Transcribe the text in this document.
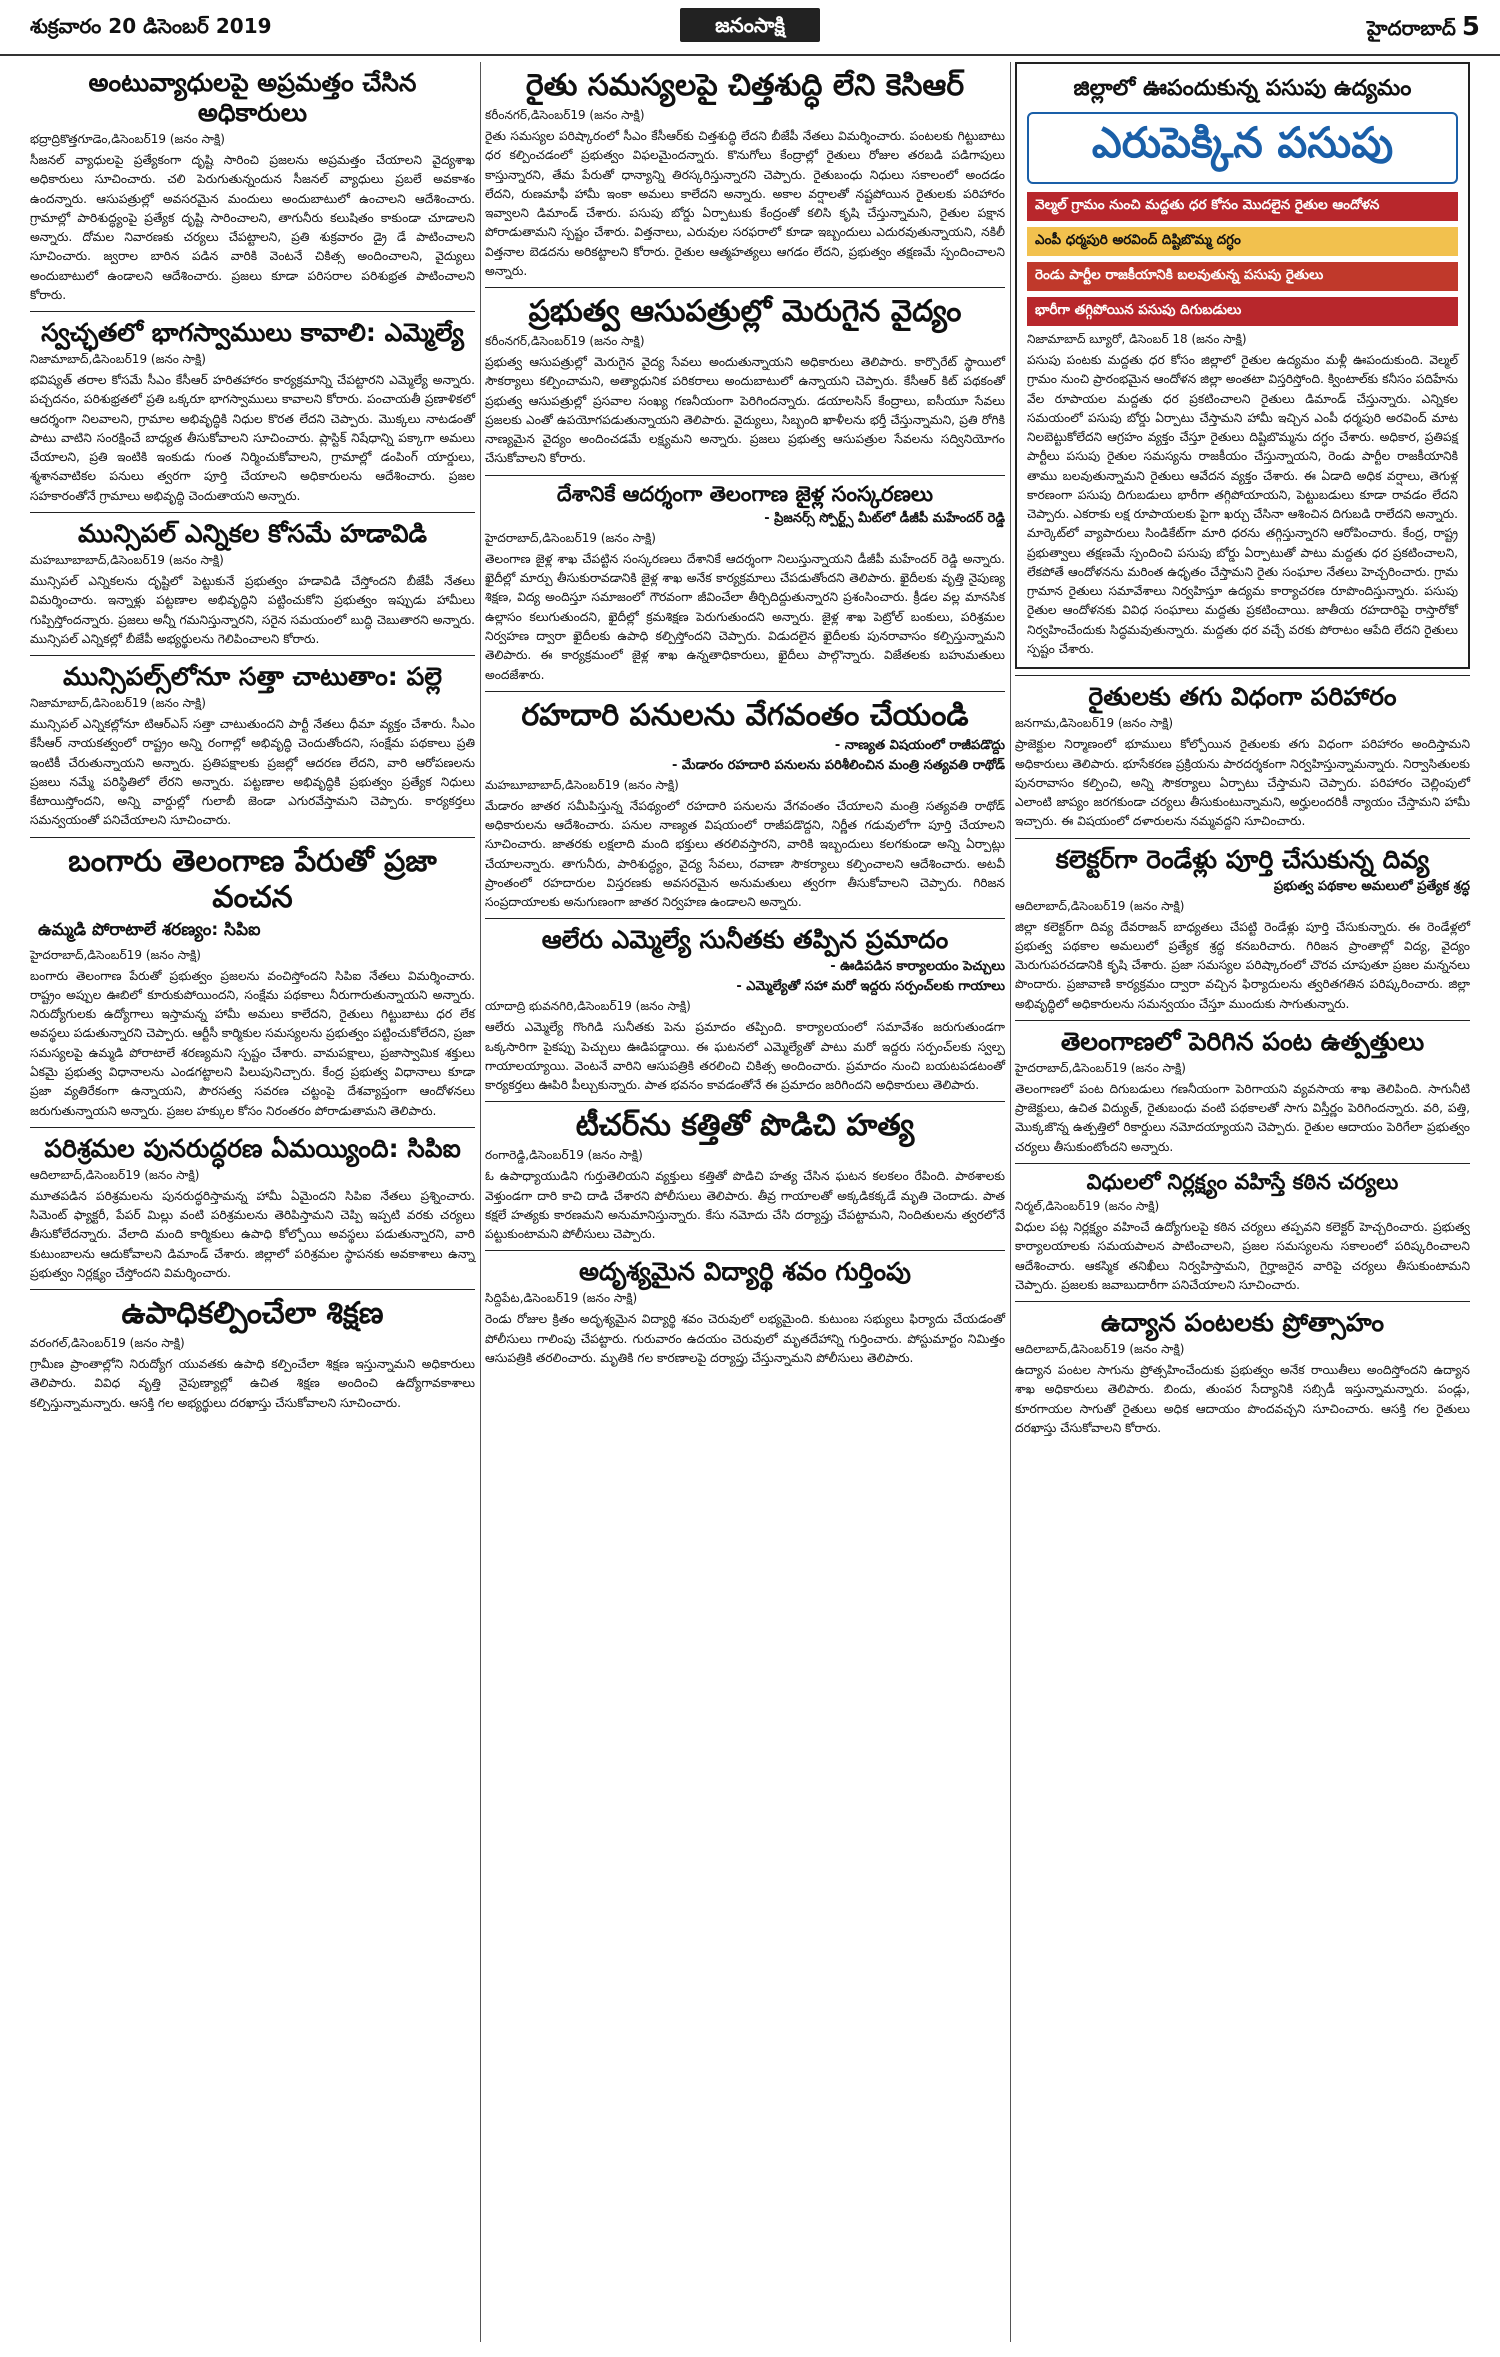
శుక్రవారం 20 డిసెంబర్ 2019	జనంసాక్షి	హైదరాబాద్ 5
అంటువ్యాధులపై అప్రమత్తం చేసిన అధికారులు
భద్రాద్రికొత్తగూడెం,డిసెంబర్19 (జనం సాక్షి)

సీజనల్ వ్యాధులపై ప్రత్యేకంగా దృష్టి సారించి ప్రజలను అప్రమత్తం చేయాలని వైద్యశాఖ అధికారులు సూచించారు. చలి పెరుగుతున్నందున సీజనల్ వ్యాధులు ప్రబలే అవకాశం ఉందన్నారు. ఆసుపత్రుల్లో అవసరమైన మందులు అందుబాటులో ఉంచాలని ఆదేశించారు. గ్రామాల్లో పారిశుద్ధ్యంపై ప్రత్యేక దృష్టి సారించాలని, తాగునీరు కలుషితం కాకుండా చూడాలని అన్నారు. దోమల నివారణకు చర్యలు చేపట్టాలని, ప్రతి శుక్రవారం డ్రై డే పాటించాలని సూచించారు. జ్వరాల బారిన పడిన వారికి వెంటనే చికిత్స అందించాలని, వైద్యులు అందుబాటులో ఉండాలని ఆదేశించారు. ప్రజలు కూడా పరిసరాల పరిశుభ్రత పాటించాలని కోరారు.

స్వచ్ఛతలో భాగస్వాములు కావాలి: ఎమ్మెల్యే
నిజామాబాద్,డిసెంబర్19 (జనం సాక్షి)

భవిష్యత్ తరాల కోసమే సీఎం కేసీఆర్ హరితహారం కార్యక్రమాన్ని చేపట్టారని ఎమ్మెల్యే అన్నారు. పచ్చదనం, పరిశుభ్రతలో ప్రతి ఒక్కరూ భాగస్వాములు కావాలని కోరారు. పంచాయతీ ప్రణాళికలో ఆదర్శంగా నిలవాలని, గ్రామాల అభివృద్ధికి నిధుల కొరత లేదని చెప్పారు. మొక్కలు నాటడంతో పాటు వాటిని సంరక్షించే బాధ్యత తీసుకోవాలని సూచించారు. ప్లాస్టిక్ నిషేధాన్ని పక్కాగా అమలు చేయాలని, ప్రతి ఇంటికి ఇంకుడు గుంత నిర్మించుకోవాలని, గ్రామాల్లో డంపింగ్ యార్డులు, శ్మశానవాటికల పనులు త్వరగా పూర్తి చేయాలని అధికారులను ఆదేశించారు. ప్రజల సహకారంతోనే గ్రామాలు అభివృద్ధి చెందుతాయని అన్నారు.

మున్సిపల్ ఎన్నికల కోసమే హడావిడి
మహబూబాబాద్,డిసెంబర్19 (జనం సాక్షి)

మున్సిపల్ ఎన్నికలను దృష్టిలో పెట్టుకునే ప్రభుత్వం హడావిడి చేస్తోందని బీజేపీ నేతలు విమర్శించారు. ఇన్నాళ్లు పట్టణాల అభివృద్ధిని పట్టించుకోని ప్రభుత్వం ఇప్పుడు హామీలు గుప్పిస్తోందన్నారు. ప్రజలు అన్నీ గమనిస్తున్నారని, సరైన సమయంలో బుద్ధి చెబుతారని అన్నారు. మున్సిపల్ ఎన్నికల్లో బీజేపీ అభ్యర్థులను గెలిపించాలని కోరారు.

మున్సిపల్స్‌లోనూ సత్తా చాటుతాం: పల్లె
నిజామాబాద్,డిసెంబర్19 (జనం సాక్షి)

మున్సిపల్ ఎన్నికల్లోనూ టిఆర్ఎస్ సత్తా చాటుతుందని పార్టీ నేతలు ధీమా వ్యక్తం చేశారు. సీఎం కేసీఆర్ నాయకత్వంలో రాష్ట్రం అన్ని రంగాల్లో అభివృద్ధి చెందుతోందని, సంక్షేమ పథకాలు ప్రతి ఇంటికీ చేరుతున్నాయని అన్నారు. ప్రతిపక్షాలకు ప్రజల్లో ఆదరణ లేదని, వారి ఆరోపణలను ప్రజలు నమ్మే పరిస్థితిలో లేరని అన్నారు. పట్టణాల అభివృద్ధికి ప్రభుత్వం ప్రత్యేక నిధులు కేటాయిస్తోందని, అన్ని వార్డుల్లో గులాబీ జెండా ఎగురవేస్తామని చెప్పారు. కార్యకర్తలు సమన్వయంతో పనిచేయాలని సూచించారు.

బంగారు తెలంగాణ పేరుతో ప్రజా వంచన
ఉమ్మడి పోరాటాలే శరణ్యం: సిపిఐ
హైదరాబాద్,డిసెంబర్19 (జనం సాక్షి)

బంగారు తెలంగాణ పేరుతో ప్రభుత్వం ప్రజలను వంచిస్తోందని సిపిఐ నేతలు విమర్శించారు. రాష్ట్రం అప్పుల ఊబిలో కూరుకుపోయిందని, సంక్షేమ పథకాలు నీరుగారుతున్నాయని అన్నారు. నిరుద్యోగులకు ఉద్యోగాలు ఇస్తామన్న హామీ అమలు కాలేదని, రైతులు గిట్టుబాటు ధర లేక అవస్థలు పడుతున్నారని చెప్పారు. ఆర్టీసీ కార్మికుల సమస్యలను ప్రభుత్వం పట్టించుకోలేదని, ప్రజా సమస్యలపై ఉమ్మడి పోరాటాలే శరణ్యమని స్పష్టం చేశారు. వామపక్షాలు, ప్రజాస్వామిక శక్తులు ఏకమై ప్రభుత్వ విధానాలను ఎండగట్టాలని పిలుపునిచ్చారు. కేంద్ర ప్రభుత్వ విధానాలు కూడా ప్రజా వ్యతిరేకంగా ఉన్నాయని, పౌరసత్వ సవరణ చట్టంపై దేశవ్యాప్తంగా ఆందోళనలు జరుగుతున్నాయని అన్నారు. ప్రజల హక్కుల కోసం నిరంతరం పోరాడుతామని తెలిపారు.

పరిశ్రమల పునరుద్ధరణ ఏమయ్యింది: సిపిఐ
ఆదిలాబాద్,డిసెంబర్19 (జనం సాక్షి)

మూతపడిన పరిశ్రమలను పునరుద్ధరిస్తామన్న హామీ ఏమైందని సిపిఐ నేతలు ప్రశ్నించారు. సిమెంట్ ఫ్యాక్టరీ, పేపర్ మిల్లు వంటి పరిశ్రమలను తెరిపిస్తామని చెప్పి ఇప్పటి వరకు చర్యలు తీసుకోలేదన్నారు. వేలాది మంది కార్మికులు ఉపాధి కోల్పోయి అవస్థలు పడుతున్నారని, వారి కుటుంబాలను ఆదుకోవాలని డిమాండ్ చేశారు. జిల్లాలో పరిశ్రమల స్థాపనకు అవకాశాలు ఉన్నా ప్రభుత్వం నిర్లక్ష్యం చేస్తోందని విమర్శించారు.

ఉపాధికల్పించేలా శిక్షణ
వరంగల్,డిసెంబర్19 (జనం సాక్షి)

గ్రామీణ ప్రాంతాల్లోని నిరుద్యోగ యువతకు ఉపాధి కల్పించేలా శిక్షణ ఇస్తున్నామని అధికారులు తెలిపారు. వివిధ వృత్తి నైపుణ్యాల్లో ఉచిత శిక్షణ అందించి ఉద్యోగావకాశాలు కల్పిస్తున్నామన్నారు. ఆసక్తి గల అభ్యర్థులు దరఖాస్తు చేసుకోవాలని సూచించారు.

రైతు సమస్యలపై చిత్తశుద్ధి లేని కెసిఆర్
కరీంనగర్,డిసెంబర్19 (జనం సాక్షి)

రైతు సమస్యల పరిష్కారంలో సీఎం కేసీఆర్‌కు చిత్తశుద్ధి లేదని బీజేపీ నేతలు విమర్శించారు. పంటలకు గిట్టుబాటు ధర కల్పించడంలో ప్రభుత్వం విఫలమైందన్నారు. కొనుగోలు కేంద్రాల్లో రైతులు రోజుల తరబడి పడిగాపులు కాస్తున్నారని, తేమ పేరుతో ధాన్యాన్ని తిరస్కరిస్తున్నారని చెప్పారు. రైతుబంధు నిధులు సకాలంలో అందడం లేదని, రుణమాఫీ హామీ ఇంకా అమలు కాలేదని అన్నారు. అకాల వర్షాలతో నష్టపోయిన రైతులకు పరిహారం ఇవ్వాలని డిమాండ్ చేశారు. పసుపు బోర్డు ఏర్పాటుకు కేంద్రంతో కలిసి కృషి చేస్తున్నామని, రైతుల పక్షాన పోరాడుతామని స్పష్టం చేశారు. విత్తనాలు, ఎరువుల సరఫరాలో కూడా ఇబ్బందులు ఎదురవుతున్నాయని, నకిలీ విత్తనాల బెడదను అరికట్టాలని కోరారు. రైతుల ఆత్మహత్యలు ఆగడం లేదని, ప్రభుత్వం తక్షణమే స్పందించాలని అన్నారు.

ప్రభుత్వ ఆసుపత్రుల్లో మెరుగైన వైద్యం
కరీంనగర్,డిసెంబర్19 (జనం సాక్షి)

ప్రభుత్వ ఆసుపత్రుల్లో మెరుగైన వైద్య సేవలు అందుతున్నాయని అధికారులు తెలిపారు. కార్పొరేట్ స్థాయిలో సౌకర్యాలు కల్పించామని, అత్యాధునిక పరికరాలు అందుబాటులో ఉన్నాయని చెప్పారు. కేసీఆర్ కిట్ పథకంతో ప్రభుత్వ ఆసుపత్రుల్లో ప్రసవాల సంఖ్య గణనీయంగా పెరిగిందన్నారు. డయాలసిస్ కేంద్రాలు, ఐసీయూ సేవలు ప్రజలకు ఎంతో ఉపయోగపడుతున్నాయని తెలిపారు. వైద్యులు, సిబ్బంది ఖాళీలను భర్తీ చేస్తున్నామని, ప్రతి రోగికి నాణ్యమైన వైద్యం అందించడమే లక్ష్యమని అన్నారు. ప్రజలు ప్రభుత్వ ఆసుపత్రుల సేవలను సద్వినియోగం చేసుకోవాలని కోరారు.

దేశానికే ఆదర్శంగా తెలంగాణ జైళ్ల సంస్కరణలు
- ప్రిజనర్స్ స్పోర్ట్స్ మీట్‌లో డీజీపీ మహేందర్ రెడ్డి
హైదరాబాద్,డిసెంబర్19 (జనం సాక్షి)

తెలంగాణ జైళ్ల శాఖ చేపట్టిన సంస్కరణలు దేశానికే ఆదర్శంగా నిలుస్తున్నాయని డీజీపీ మహేందర్ రెడ్డి అన్నారు. ఖైదీల్లో మార్పు తీసుకురావడానికి జైళ్ల శాఖ అనేక కార్యక్రమాలు చేపడుతోందని తెలిపారు. ఖైదీలకు వృత్తి నైపుణ్య శిక్షణ, విద్య అందిస్తూ సమాజంలో గౌరవంగా జీవించేలా తీర్చిదిద్దుతున్నారని ప్రశంసించారు. క్రీడల వల్ల మానసిక ఉల్లాసం కలుగుతుందని, ఖైదీల్లో క్రమశిక్షణ పెరుగుతుందని అన్నారు. జైళ్ల శాఖ పెట్రోల్ బంకులు, పరిశ్రమల నిర్వహణ ద్వారా ఖైదీలకు ఉపాధి కల్పిస్తోందని చెప్పారు. విడుదలైన ఖైదీలకు పునరావాసం కల్పిస్తున్నామని తెలిపారు. ఈ కార్యక్రమంలో జైళ్ల శాఖ ఉన్నతాధికారులు, ఖైదీలు పాల్గొన్నారు. విజేతలకు బహుమతులు అందజేశారు.

రహదారి పనులను వేగవంతం చేయండి
- నాణ్యత విషయంలో రాజీపడొద్దు
- మేడారం రహదారి పనులను పరిశీలించిన మంత్రి సత్యవతి రాథోడ్
మహబూబాబాద్,డిసెంబర్19 (జనం సాక్షి)

మేడారం జాతర సమీపిస్తున్న నేపథ్యంలో రహదారి పనులను వేగవంతం చేయాలని మంత్రి సత్యవతి రాథోడ్ అధికారులను ఆదేశించారు. పనుల నాణ్యత విషయంలో రాజీపడొద్దని, నిర్ణీత గడువులోగా పూర్తి చేయాలని సూచించారు. జాతరకు లక్షలాది మంది భక్తులు తరలివస్తారని, వారికి ఇబ్బందులు కలగకుండా అన్ని ఏర్పాట్లు చేయాలన్నారు. తాగునీరు, పారిశుద్ధ్యం, వైద్య సేవలు, రవాణా సౌకర్యాలు కల్పించాలని ఆదేశించారు. అటవీ ప్రాంతంలో రహదారుల విస్తరణకు అవసరమైన అనుమతులు త్వరగా తీసుకోవాలని చెప్పారు. గిరిజన సంప్రదాయాలకు అనుగుణంగా జాతర నిర్వహణ ఉండాలని అన్నారు.

ఆలేరు ఎమ్మెల్యే సునీతకు తప్పిన ప్రమాదం
- ఊడిపడిన కార్యాలయం పెచ్చులు
- ఎమ్మెల్యేతో సహా మరో ఇద్దరు సర్పంచ్‌లకు గాయాలు
యాదాద్రి భువనగిరి,డిసెంబర్19 (జనం సాక్షి)

ఆలేరు ఎమ్మెల్యే గొంగిడి సునీతకు పెను ప్రమాదం తప్పింది. కార్యాలయంలో సమావేశం జరుగుతుండగా ఒక్కసారిగా పైకప్పు పెచ్చులు ఊడిపడ్డాయి. ఈ ఘటనలో ఎమ్మెల్యేతో పాటు మరో ఇద్దరు సర్పంచ్‌లకు స్వల్ప గాయాలయ్యాయి. వెంటనే వారిని ఆసుపత్రికి తరలించి చికిత్స అందించారు. ప్రమాదం నుంచి బయటపడటంతో కార్యకర్తలు ఊపిరి పీల్చుకున్నారు. పాత భవనం కావడంతోనే ఈ ప్రమాదం జరిగిందని అధికారులు తెలిపారు.

టీచర్‌ను కత్తితో పొడిచి హత్య
రంగారెడ్డి,డిసెంబర్19 (జనం సాక్షి)

ఓ ఉపాధ్యాయుడిని గుర్తుతెలియని వ్యక్తులు కత్తితో పొడిచి హత్య చేసిన ఘటన కలకలం రేపింది. పాఠశాలకు వెళ్తుండగా దారి కాచి దాడి చేశారని పోలీసులు తెలిపారు. తీవ్ర గాయాలతో అక్కడికక్కడే మృతి చెందాడు. పాత కక్షలే హత్యకు కారణమని అనుమానిస్తున్నారు. కేసు నమోదు చేసి దర్యాప్తు చేపట్టామని, నిందితులను త్వరలోనే పట్టుకుంటామని పోలీసులు చెప్పారు.

అదృశ్యమైన విద్యార్థి శవం గుర్తింపు
సిద్దిపేట,డిసెంబర్19 (జనం సాక్షి)

రెండు రోజుల క్రితం అదృశ్యమైన విద్యార్థి శవం చెరువులో లభ్యమైంది. కుటుంబ సభ్యులు ఫిర్యాదు చేయడంతో పోలీసులు గాలింపు చేపట్టారు. గురువారం ఉదయం చెరువులో మృతదేహాన్ని గుర్తించారు. పోస్టుమార్టం నిమిత్తం ఆసుపత్రికి తరలించారు. మృతికి గల కారణాలపై దర్యాప్తు చేస్తున్నామని పోలీసులు తెలిపారు.

జిల్లాలో ఊపందుకున్న పసుపు ఉద్యమం
ఎరుపెక్కిన పసుపు
వెల్మల్ గ్రామం నుంచి మద్దతు ధర కోసం మొదలైన రైతుల ఆందోళన
ఎంపీ ధర్మపురి అరవింద్ దిష్టిబొమ్మ దగ్ధం
రెండు పార్టీల రాజకీయానికి బలవుతున్న పసుపు రైతులు
భారీగా తగ్గిపోయిన పసుపు దిగుబడులు
నిజామాబాద్ బ్యూరో, డిసెంబర్ 18 (జనం సాక్షి)

పసుపు పంటకు మద్దతు ధర కోసం జిల్లాలో రైతుల ఉద్యమం మళ్లీ ఊపందుకుంది. వెల్మల్ గ్రామం నుంచి ప్రారంభమైన ఆందోళన జిల్లా అంతటా విస్తరిస్తోంది. క్వింటాల్‌కు కనీసం పదిహేను వేల రూపాయల మద్దతు ధర ప్రకటించాలని రైతులు డిమాండ్ చేస్తున్నారు. ఎన్నికల సమయంలో పసుపు బోర్డు ఏర్పాటు చేస్తామని హామీ ఇచ్చిన ఎంపీ ధర్మపురి అరవింద్ మాట నిలబెట్టుకోలేదని ఆగ్రహం వ్యక్తం చేస్తూ రైతులు దిష్టిబొమ్మను దగ్ధం చేశారు. అధికార, ప్రతిపక్ష పార్టీలు పసుపు రైతుల సమస్యను రాజకీయం చేస్తున్నాయని, రెండు పార్టీల రాజకీయానికి తాము బలవుతున్నామని రైతులు ఆవేదన వ్యక్తం చేశారు. ఈ ఏడాది అధిక వర్షాలు, తెగుళ్ల కారణంగా పసుపు దిగుబడులు భారీగా తగ్గిపోయాయని, పెట్టుబడులు కూడా రావడం లేదని చెప్పారు. ఎకరాకు లక్ష రూపాయలకు పైగా ఖర్చు చేసినా ఆశించిన దిగుబడి రాలేదని అన్నారు. మార్కెట్‌లో వ్యాపారులు సిండికేట్‌గా మారి ధరను తగ్గిస్తున్నారని ఆరోపించారు. కేంద్ర, రాష్ట్ర ప్రభుత్వాలు తక్షణమే స్పందించి పసుపు బోర్డు ఏర్పాటుతో పాటు మద్దతు ధర ప్రకటించాలని, లేకపోతే ఆందోళనను మరింత ఉధృతం చేస్తామని రైతు సంఘాల నేతలు హెచ్చరించారు. గ్రామ గ్రామాన రైతులు సమావేశాలు నిర్వహిస్తూ ఉద్యమ కార్యాచరణ రూపొందిస్తున్నారు. పసుపు రైతుల ఆందోళనకు వివిధ సంఘాలు మద్దతు ప్రకటించాయి. జాతీయ రహదారిపై రాస్తారోకో నిర్వహించేందుకు సిద్ధమవుతున్నారు. మద్దతు ధర వచ్చే వరకు పోరాటం ఆపేది లేదని రైతులు స్పష్టం చేశారు.

రైతులకు తగు విధంగా పరిహారం
జనగామ,డిసెంబర్19 (జనం సాక్షి)

ప్రాజెక్టుల నిర్మాణంలో భూములు కోల్పోయిన రైతులకు తగు విధంగా పరిహారం అందిస్తామని అధికారులు తెలిపారు. భూసేకరణ ప్రక్రియను పారదర్శకంగా నిర్వహిస్తున్నామన్నారు. నిర్వాసితులకు పునరావాసం కల్పించి, అన్ని సౌకర్యాలు ఏర్పాటు చేస్తామని చెప్పారు. పరిహారం చెల్లింపులో ఎలాంటి జాప్యం జరగకుండా చర్యలు తీసుకుంటున్నామని, అర్హులందరికీ న్యాయం చేస్తామని హామీ ఇచ్చారు. ఈ విషయంలో దళారులను నమ్మవద్దని సూచించారు.

కలెక్టర్‌గా రెండేళ్లు పూర్తి చేసుకున్న దివ్య
ప్రభుత్వ పథకాల అమలులో ప్రత్యేక శ్రద్ధ
ఆదిలాబాద్,డిసెంబర్19 (జనం సాక్షి)

జిల్లా కలెక్టర్‌గా దివ్య దేవరాజన్ బాధ్యతలు చేపట్టి రెండేళ్లు పూర్తి చేసుకున్నారు. ఈ రెండేళ్లలో ప్రభుత్వ పథకాల అమలులో ప్రత్యేక శ్రద్ధ కనబరిచారు. గిరిజన ప్రాంతాల్లో విద్య, వైద్యం మెరుగుపరచడానికి కృషి చేశారు. ప్రజా సమస్యల పరిష్కారంలో చొరవ చూపుతూ ప్రజల మన్ననలు పొందారు. ప్రజావాణి కార్యక్రమం ద్వారా వచ్చిన ఫిర్యాదులను త్వరితగతిన పరిష్కరించారు. జిల్లా అభివృద్ధిలో అధికారులను సమన్వయం చేస్తూ ముందుకు సాగుతున్నారు.

తెలంగాణలో పెరిగిన పంట ఉత్పత్తులు
హైదరాబాద్,డిసెంబర్19 (జనం సాక్షి)

తెలంగాణలో పంట దిగుబడులు గణనీయంగా పెరిగాయని వ్యవసాయ శాఖ తెలిపింది. సాగునీటి ప్రాజెక్టులు, ఉచిత విద్యుత్, రైతుబంధు వంటి పథకాలతో సాగు విస్తీర్ణం పెరిగిందన్నారు. వరి, పత్తి, మొక్కజొన్న ఉత్పత్తిలో రికార్డులు నమోదయ్యాయని చెప్పారు. రైతుల ఆదాయం పెరిగేలా ప్రభుత్వం చర్యలు తీసుకుంటోందని అన్నారు.

విధులలో నిర్లక్ష్యం వహిస్తే కఠిన చర్యలు
నిర్మల్,డిసెంబర్19 (జనం సాక్షి)

విధుల పట్ల నిర్లక్ష్యం వహించే ఉద్యోగులపై కఠిన చర్యలు తప్పవని కలెక్టర్ హెచ్చరించారు. ప్రభుత్వ కార్యాలయాలకు సమయపాలన పాటించాలని, ప్రజల సమస్యలను సకాలంలో పరిష్కరించాలని ఆదేశించారు. ఆకస్మిక తనిఖీలు నిర్వహిస్తామని, గైర్హాజరైన వారిపై చర్యలు తీసుకుంటామని చెప్పారు. ప్రజలకు జవాబుదారీగా పనిచేయాలని సూచించారు.

ఉద్యాన పంటలకు ప్రోత్సాహం
ఆదిలాబాద్,డిసెంబర్19 (జనం సాక్షి)

ఉద్యాన పంటల సాగును ప్రోత్సహించేందుకు ప్రభుత్వం అనేక రాయితీలు అందిస్తోందని ఉద్యాన శాఖ అధికారులు తెలిపారు. బిందు, తుంపర సేద్యానికి సబ్సిడీ ఇస్తున్నామన్నారు. పండ్లు, కూరగాయల సాగుతో రైతులు అధిక ఆదాయం పొందవచ్చని సూచించారు. ఆసక్తి గల రైతులు దరఖాస్తు చేసుకోవాలని కోరారు.
